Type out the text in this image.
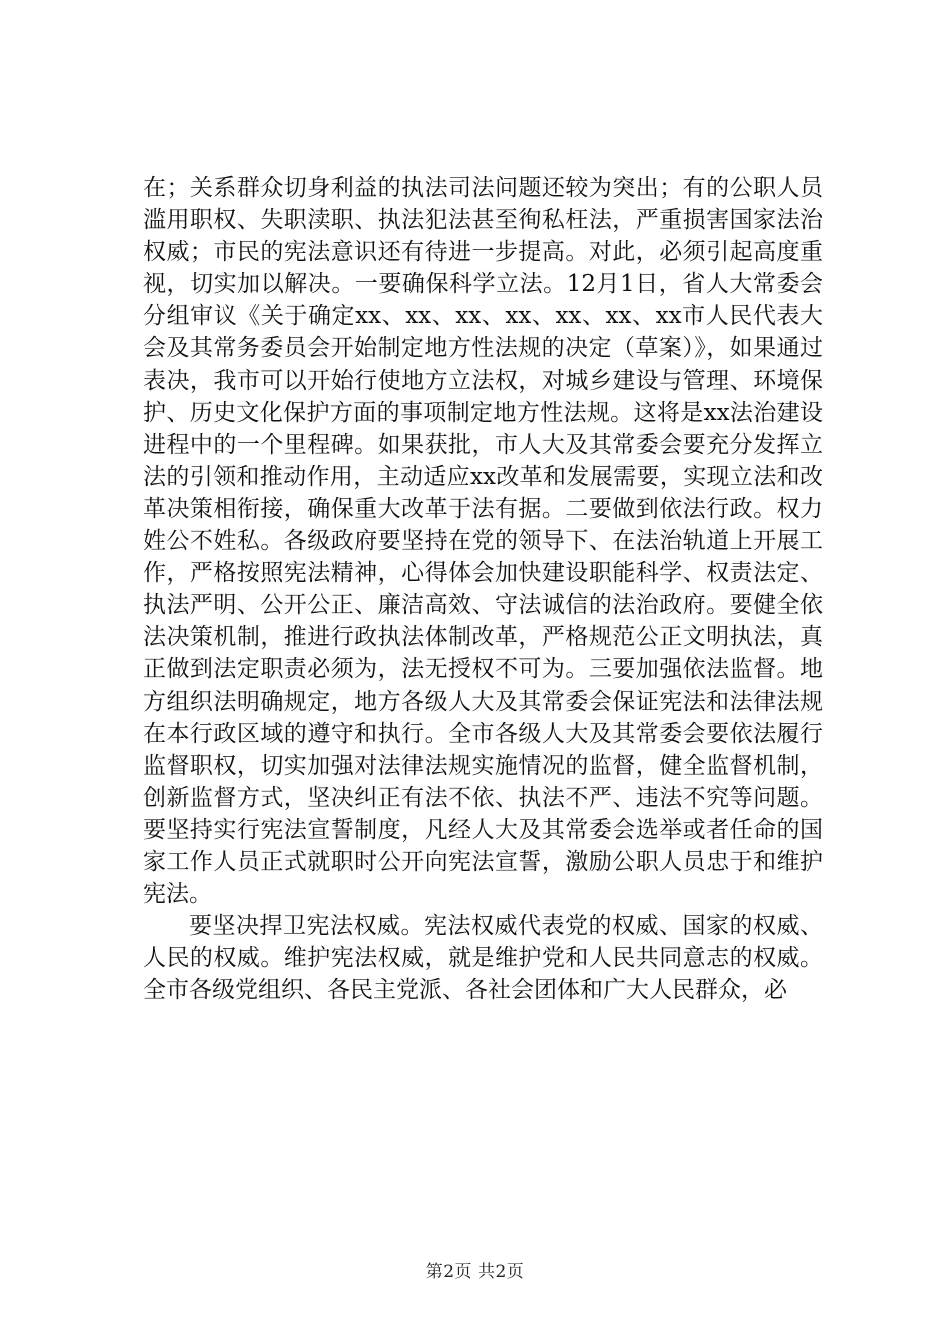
在；关系群众切身利益的执法司法问题还较为突出；有的公职人员滥用职权、失职渎职、执法犯法甚至徇私枉法，严重损害国家法治权威；市民的宪法意识还有待进一步提高。对此，必须引起高度重视，切实加以解决。一要确保科学立法。12月1日，省人大常委会分组审议《关于确定xx、xx、xx、xx、xx、xx、xx市人民代表大会及其常务委员会开始制定地方性法规的决定（草案）》，如果通过表决，我市可以开始行使地方立法权，对城乡建设与管理、环境保护、历史文化保护方面的事项制定地方性法规。这将是xx法治建设进程中的一个里程碑。如果获批，市人大及其常委会要充分发挥立法的引领和推动作用，主动适应xx改革和发展需要，实现立法和改革决策相衔接，确保重大改革于法有据。二要做到依法行政。权力姓公不姓私。各级政府要坚持在党的领导下、在法治轨道上开展工作，严格按照宪法精神，心得体会加快建设职能科学、权责法定、执法严明、公开公正、廉洁高效、守法诚信的法治政府。要健全依法决策机制，推进行政执法体制改革，严格规范公正文明执法，真正做到法定职责必须为，法无授权不可为。三要加强依法监督。地方组织法明确规定，地方各级人大及其常委会保证宪法和法律法规在本行政区域的遵守和执行。全市各级人大及其常委会要依法履行监督职权，切实加强对法律法规实施情况的监督，健全监督机制，创新监督方式，坚决纠正有法不依、执法不严、违法不究等问题。要坚持实行宪法宣誓制度，凡经人大及其常委会选举或者任命的国家工作人员正式就职时公开向宪法宣誓，激励公职人员忠于和维护宪法。

要坚决捍卫宪法权威。宪法权威代表党的权威、国家的权威、人民的权威。维护宪法权威，就是维护党和人民共同意志的权威。全市各级党组织、各民主党派、各社会团体和广大人民群众，必

第2页 共2页
